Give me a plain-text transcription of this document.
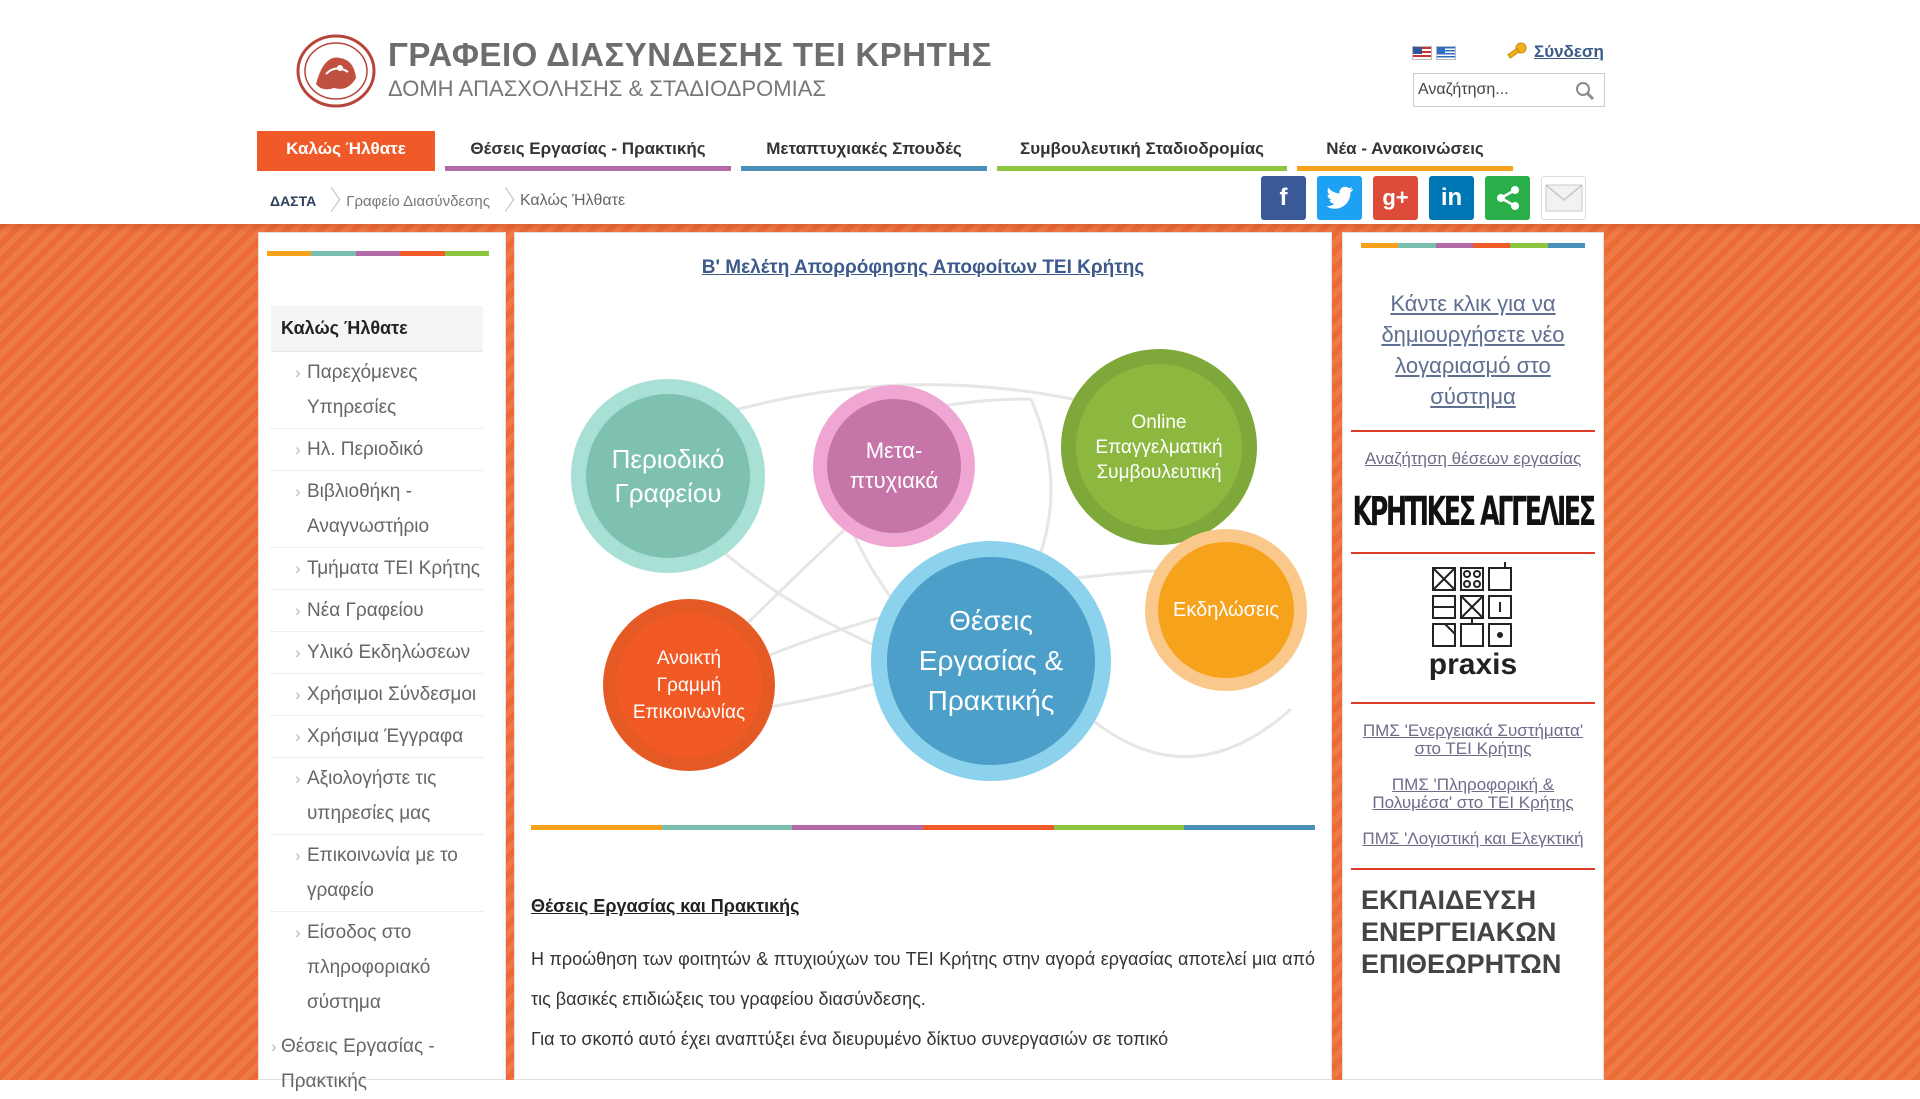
ΓΡΑΦΕΙΟ ΔΙΑΣΥΝΔΕΣΗΣ ΤΕΙ ΚΡΗΤΗΣ
ΔΟΜΗ ΑΠΑΣΧΟΛΗΣΗΣ & ΣΤΑΔΙΟΔΡΟΜΙΑΣ
Σύνδεση
Αναζήτηση...
Καλώς Ήλθατε	Θέσεις Εργασίας - Πρακτικής	Μεταπτυχιακές Σπουδές	Συμβουλευτική Σταδιοδρομίας	Νέα - Ανακοινώσεις
ΔΑΣΤΑ Γραφείο Διασύνδεσης Καλώς Ήλθατε	f	g+ in
Καλώς Ήλθατε
› Παρεχόμενες Υπηρεσίες
› Ηλ. Περιοδικό
› Βιβλιοθήκη - Αναγνωστήριο
› Τμήματα ΤΕΙ Κρήτης
› Νέα Γραφείου
› Υλικό Εκδηλώσεων
› Χρήσιμοι Σύνδεσμοι
› Χρήσιμα Έγγραφα
› Αξιολογήστε τις υπηρεσίες μας
› Επικοινωνία με το γραφείο
› Είσοδος στο πληροφοριακό σύστημα
› Θέσεις Εργασίας - Πρακτικής
Β' Μελέτη Απορρόφησης Αποφοίτων ΤΕΙ Κρήτης
Περιοδικό Γραφείου
Μετα-πτυχιακά
Online Επαγγελματική Συμβουλευτική
Εκδηλώσεις
Ανοικτή Γραμμή Επικοινωνίας
Θέσεις Εργασίας & Πρακτικής
Θέσεις Εργασίας και Πρακτικής
Η προώθηση των φοιτητών & πτυχιούχων του ΤΕΙ Κρήτης στην αγορά εργασίας αποτελεί μια από τις βασικές επιδιώξεις του γραφείου διασύνδεσης.
Για το σκοπό αυτό έχει αναπτύξει ένα διευρυμένο δίκτυο συνεργασιών σε τοπικό
Κάντε κλικ για να δημιουργήσετε νέο λογαριασμό στο σύστημα
Αναζήτηση θέσεων εργασίας
ΚΡΗΤΙΚΕΣ ΑΓΓΕΛΙΕΣ
praxis
ΠΜΣ 'Ενεργειακά Συστήματα' στο ΤΕΙ Κρήτης
ΠΜΣ 'Πληροφορική & Πολυμέσα' στο ΤΕΙ Κρήτης
ΠΜΣ 'Λογιστική και Ελεγκτική
ΕΚΠΑΙΔΕΥΣΗ ΕΝΕΡΓΕΙΑΚΩΝ ΕΠΙΘΕΩΡΗΤΩΝ
